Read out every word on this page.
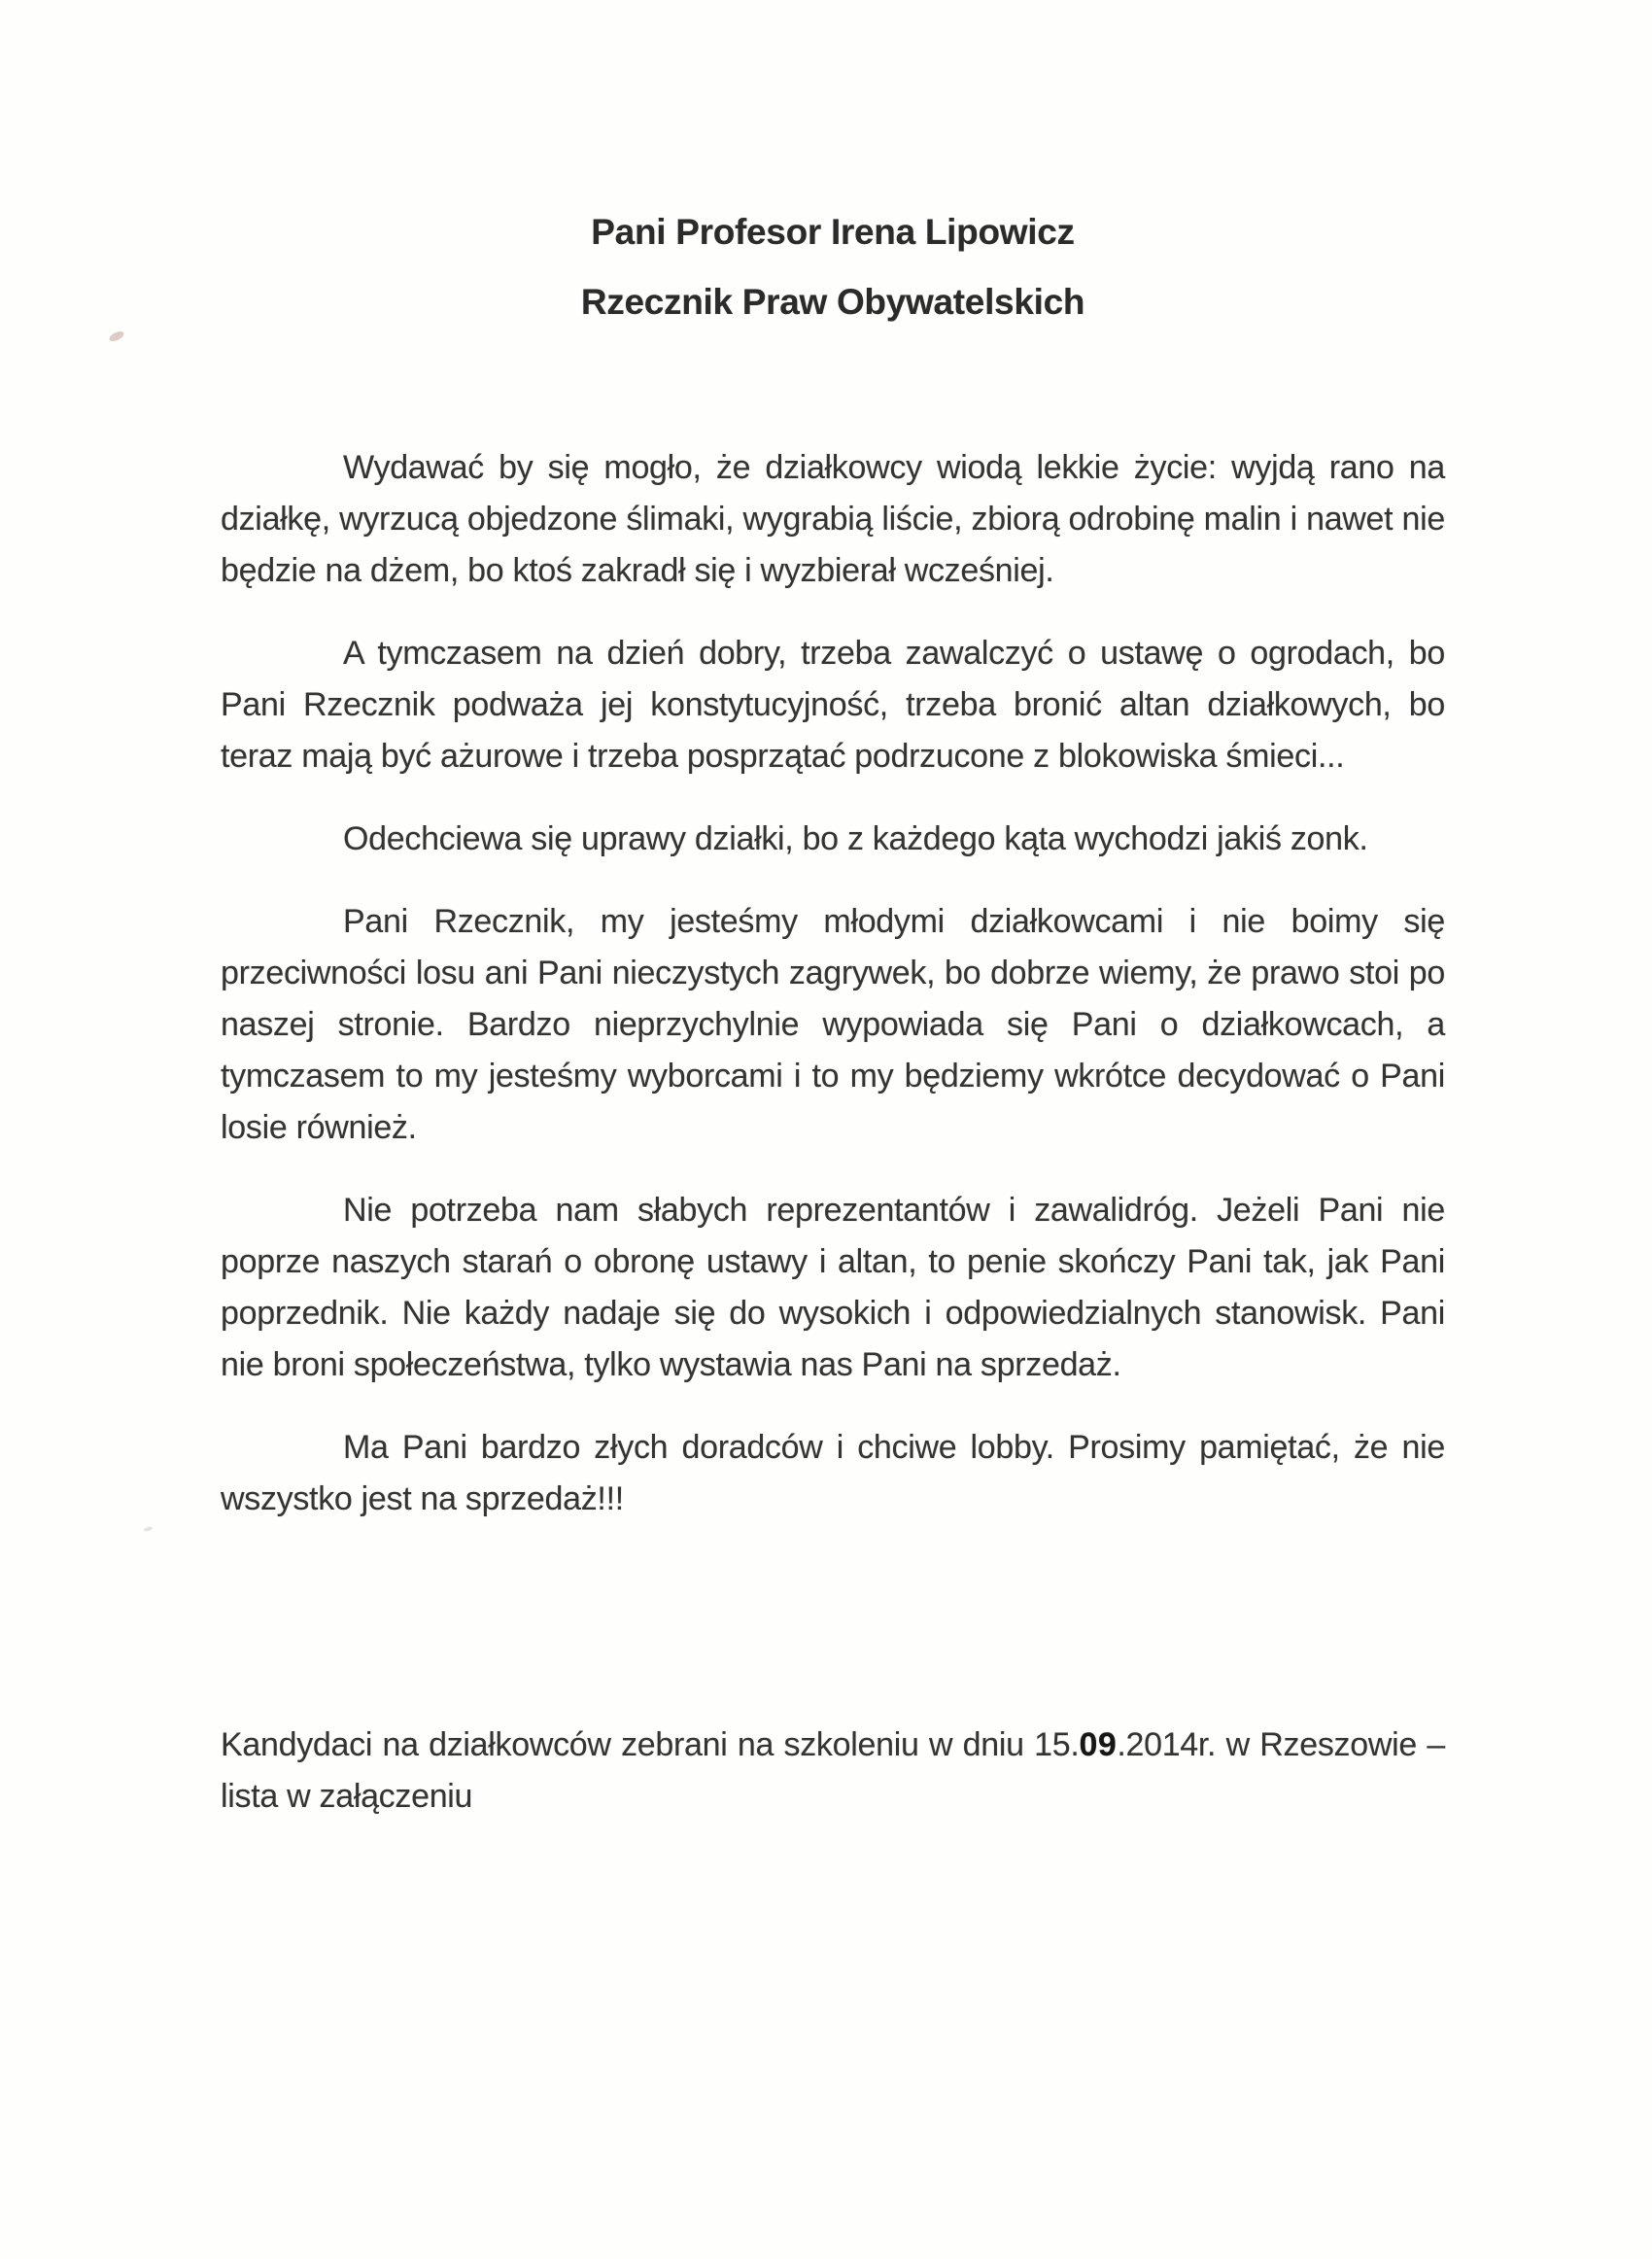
Pani Profesor Irena Lipowicz

Rzecznik Praw Obywatelskich

Wydawać by się mogło, że działkowcy wiodą lekkie życie: wyjdą rano na działkę, wyrzucą objedzone ślimaki, wygrabią liście, zbiorą odrobinę malin i nawet nie będzie na dżem, bo ktoś zakradł się i wyzbierał wcześniej.

A tymczasem na dzień dobry, trzeba zawalczyć o ustawę o ogrodach, bo Pani Rzecznik podważa jej konstytucyjność, trzeba bronić altan działkowych, bo teraz mają być ażurowe i trzeba posprzątać podrzucone z blokowiska śmieci...

Odechciewa się uprawy działki, bo z każdego kąta wychodzi jakiś zonk.

Pani Rzecznik, my jesteśmy młodymi działkowcami i nie boimy się przeciwności losu ani Pani nieczystych zagrywek, bo dobrze wiemy, że prawo stoi po naszej stronie. Bardzo nieprzychylnie wypowiada się Pani o działkowcach, a tymczasem to my jesteśmy wyborcami i to my będziemy wkrótce decydować o Pani losie również.

Nie potrzeba nam słabych reprezentantów i zawalidróg. Jeżeli Pani nie poprze naszych starań o obronę ustawy i altan, to penie skończy Pani tak, jak Pani poprzednik. Nie każdy nadaje się do wysokich i odpowiedzialnych stanowisk. Pani nie broni społeczeństwa, tylko wystawia nas Pani na sprzedaż.

Ma Pani bardzo złych doradców i chciwe lobby. Prosimy pamiętać, że nie wszystko jest na sprzedaż!!!

Kandydaci na działkowców zebrani na szkoleniu w dniu 15.09.2014r. w Rzeszowie – lista w załączeniu
